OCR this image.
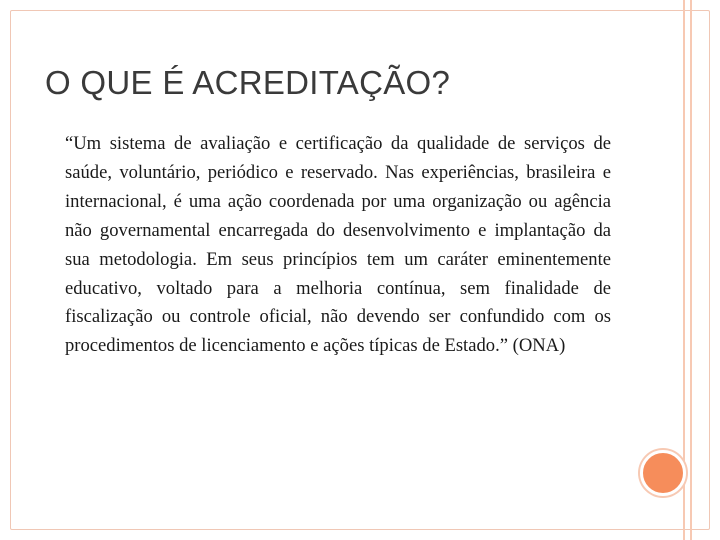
O QUE É ACREDITAÇÃO?

“Um sistema de avaliação e certificação da qualidade de serviços de saúde, voluntário, periódico e reservado. Nas experiências, brasileira e internacional, é uma ação coordenada por uma organização ou agência não governamental encarregada do desenvolvimento e implantação da sua metodologia. Em seus princípios tem um caráter eminentemente educativo, voltado para a melhoria contínua, sem finalidade de fiscalização ou controle oficial, não devendo ser confundido com os procedimentos de licenciamento e ações típicas de Estado.” (ONA)
